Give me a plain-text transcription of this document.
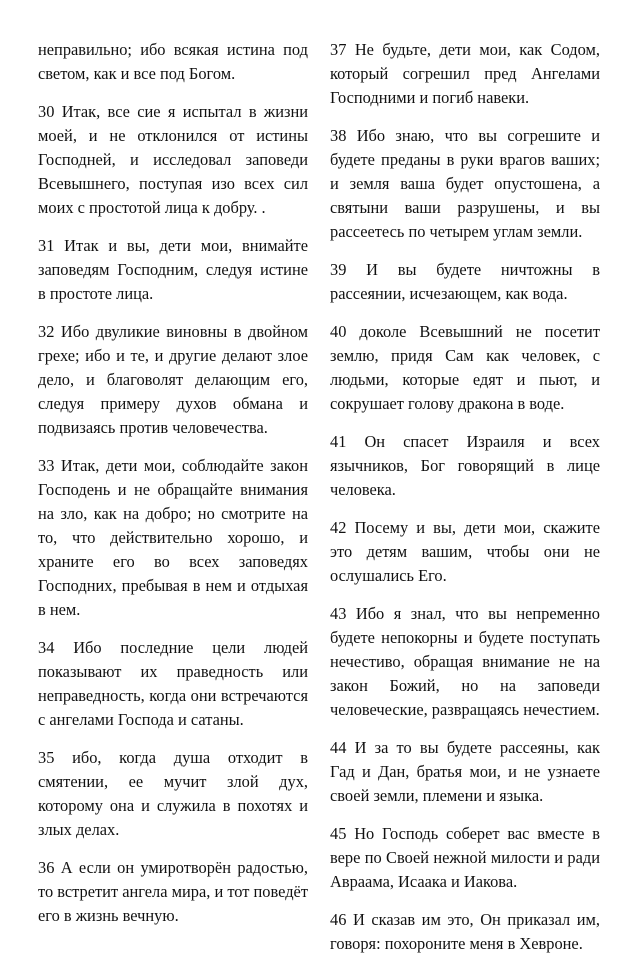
неправильно; ибо всякая истина под светом, как и все под Богом.

30 Итак, все сие я испытал в жизни моей, и не отклонился от истины Господней, и исследовал заповеди Всевышнего, поступая изо всех сил моих с простотой лица к добру. .

31 Итак и вы, дети мои, внимайте заповедям Господним, следуя истине в простоте лица.

32 Ибо двуликие виновны в двойном грехе; ибо и те, и другие делают злое дело, и благоволят делающим его, следуя примеру духов обмана и подвизаясь против человечества.

33 Итак, дети мои, соблюдайте закон Господень и не обращайте внимания на зло, как на добро; но смотрите на то, что действительно хорошо, и храните его во всех заповедях Господних, пребывая в нем и отдыхая в нем.

34 Ибо последние цели людей показывают их праведность или неправедность, когда они встречаются с ангелами Господа и сатаны.

35 ибо, когда душа отходит в смятении, ее мучит злой дух, которому она и служила в похотях и злых делах.

36 А если он умиротворён радостью, то встретит ангела мира, и тот поведёт его в жизнь вечную.

37 Не будьте, дети мои, как Содом, который согрешил пред Ангелами Господними и погиб навеки.

38 Ибо знаю, что вы согрешите и будете преданы в руки врагов ваших; и земля ваша будет опустошена, а святыни ваши разрушены, и вы рассеетесь по четырем углам земли.

39 И вы будете ничтожны в рассеянии, исчезающем, как вода.

40 доколе Всевышний не посетит землю, придя Сам как человек, с людьми, которые едят и пьют, и сокрушает голову дракона в воде.

41 Он спасет Израиля и всех язычников, Бог говорящий в лице человека.

42 Посему и вы, дети мои, скажите это детям вашим, чтобы они не ослушались Его.

43 Ибо я знал, что вы непременно будете непокорны и будете поступать нечестиво, обращая внимание не на закон Божий, но на заповеди человеческие, развращаясь нечестием.

44 И за то вы будете рассеяны, как Гад и Дан, братья мои, и не узнаете своей земли, племени и языка.

45 Но Господь соберет вас вместе в вере по Своей нежной милости и ради Авраама, Исаака и Иакова.

46 И сказав им это, Он приказал им, говоря: похороните меня в Хевроне.
